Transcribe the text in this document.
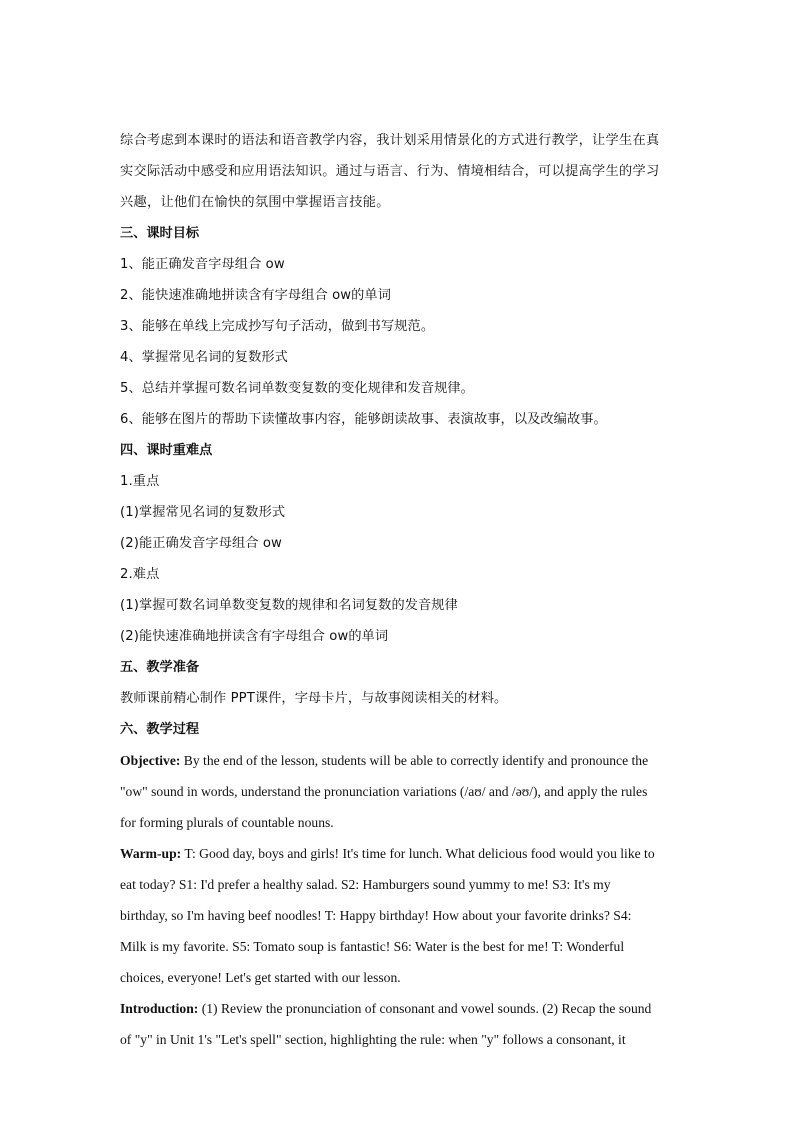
综合考虑到本课时的语法和语音教学内容，我计划采用情景化的方式进行教学，让学生在真
实交际活动中感受和应用语法知识。通过与语言、行为、情境相结合，可以提高学生的学习
兴趣，让他们在愉快的氛围中掌握语言技能。
三、课时目标
1、能正确发音字母组合 ow
2、能快速准确地拼读含有字母组合 ow的单词
3、能够在单线上完成抄写句子活动，做到书写规范。
4、掌握常见名词的复数形式
5、总结并掌握可数名词单数变复数的变化规律和发音规律。
6、能够在图片的帮助下读懂故事内容，能够朗读故事、表演故事，以及改编故事。
四、课时重难点
1.重点
(1)掌握常见名词的复数形式
(2)能正确发音字母组合 ow
2.难点
(1)掌握可数名词单数变复数的规律和名词复数的发音规律
(2)能快速准确地拼读含有字母组合 ow的单词
五、教学准备
教师课前精心制作 PPT课件，字母卡片，与故事阅读相关的材料。
六、教学过程
Objective: By the end of the lesson, students will be able to correctly identify and pronounce the
"ow" sound in words, understand the pronunciation variations (/aʊ/ and /əʊ/), and apply the rules
for forming plurals of countable nouns.
Warm-up: T: Good day, boys and girls! It's time for lunch. What delicious food would you like to
eat today? S1: I'd prefer a healthy salad. S2: Hamburgers sound yummy to me! S3: It's my
birthday, so I'm having beef noodles! T: Happy birthday! How about your favorite drinks? S4:
Milk is my favorite. S5: Tomato soup is fantastic! S6: Water is the best for me! T: Wonderful
choices, everyone! Let's get started with our lesson.
Introduction: (1) Review the pronunciation of consonant and vowel sounds. (2) Recap the sound
of "y" in Unit 1's "Let's spell" section, highlighting the rule: when "y" follows a consonant, it
